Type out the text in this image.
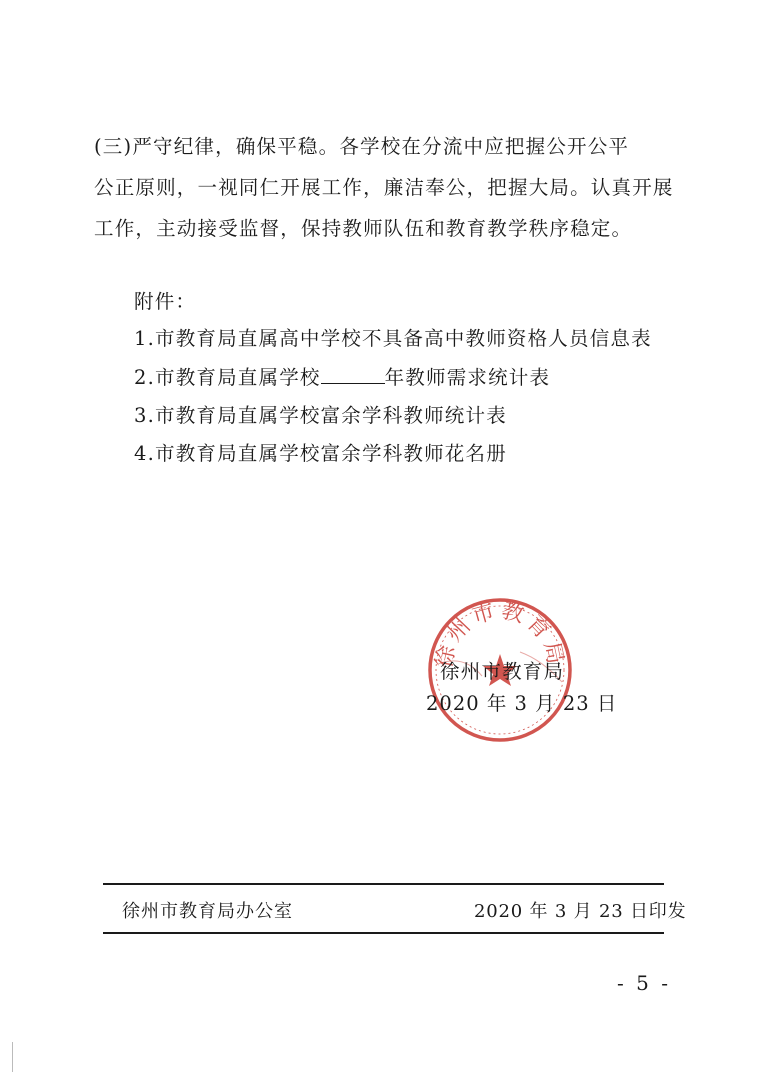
(三)严守纪律，确保平稳。各学校在分流中应把握公开公平
公正原则，一视同仁开展工作，廉洁奉公，把握大局。认真开展
工作，主动接受监督，保持教师队伍和教育教学秩序稳定。
附件：
1.市教育局直属高中学校不具备高中教师资格人员信息表
2.市教育局直属学校	年教师需求统计表
3.市教育局直属学校富余学科教师统计表
4.市教育局直属学校富余学科教师花名册
徐州市教育局
徐州市教育局
2020 年 3 月 23 日
徐州市教育局办公室	2020 年 3 月 23 日印发
- 5 -
